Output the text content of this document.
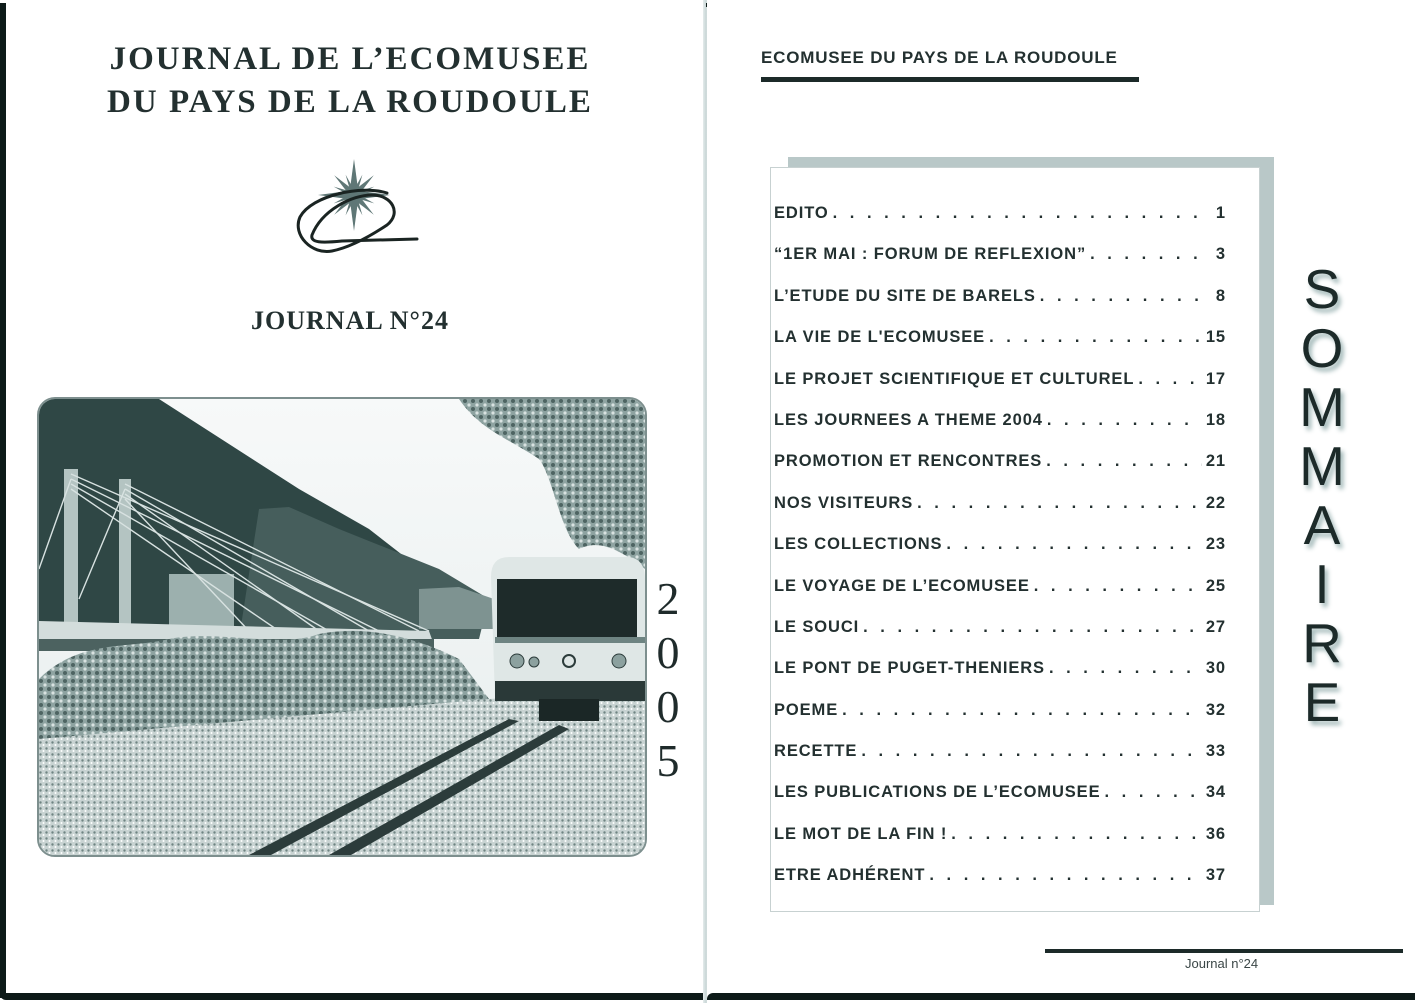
JOURNAL DE L’ECOMUSEE
DU PAYS DE LA ROUDOULE
JOURNAL N°24
2
0
0
5
ECOMUSEE DU PAYS DE LA ROUDOULE
EDITO . . .	1
“1ER MAI : FORUM DE REFLEXION” . . .	3
L’ETUDE DU SITE DE BARELS . . .	8
LA VIE DE L'ECOMUSEE . . .	15
LE PROJET SCIENTIFIQUE ET CULTUREL . . .	17
LES JOURNEES A THEME 2004 . . .	18
PROMOTION ET RENCONTRES . . .	21
NOS VISITEURS . . .	22
LES COLLECTIONS . . .	23
LE VOYAGE DE L’ECOMUSEE . . .	25
LE SOUCI . . .	27
LE PONT DE PUGET-THENIERS . . .	30
POEME . . .	32
RECETTE . . .	33
LES PUBLICATIONS DE L’ECOMUSEE . . .	34
LE MOT DE LA FIN ! . . .	36
ETRE ADHÉRENT . . .	37
S
O
M
M
A
I
R
E
Journal n°24
